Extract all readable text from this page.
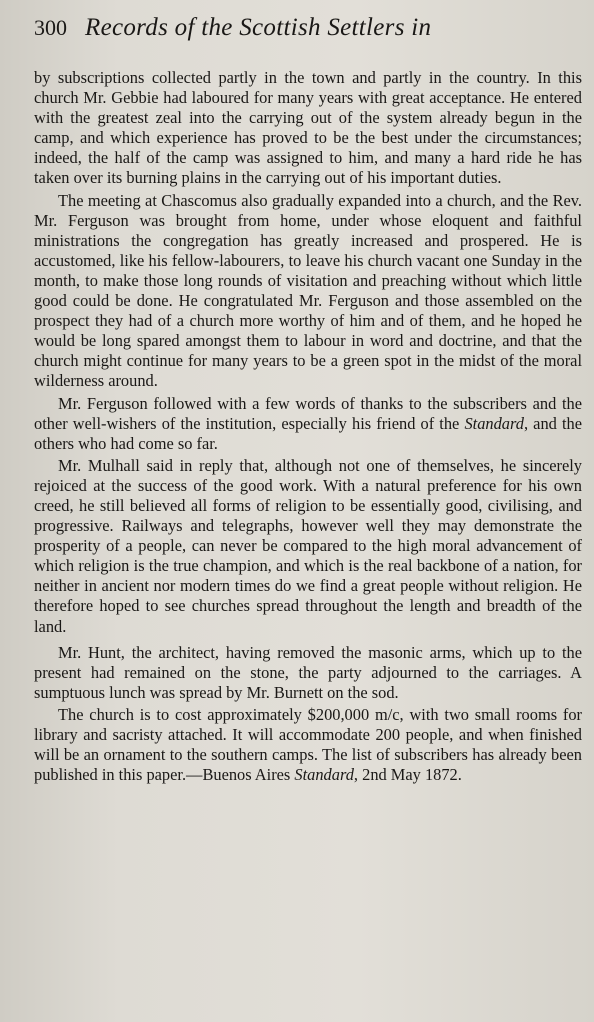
300 Records of the Scottish Settlers in

by subscriptions collected partly in the town and partly in the country. In this church Mr. Gebbie had laboured for many years with great acceptance. He entered with the greatest zeal into the carrying out of the system already begun in the camp, and which experience has proved to be the best under the circumstances; indeed, the half of the camp was assigned to him, and many a hard ride he has taken over its burning plains in the carrying out of his important duties.

The meeting at Chascomus also gradually expanded into a church, and the Rev. Mr. Ferguson was brought from home, under whose eloquent and faithful ministrations the congregation has greatly increased and prospered. He is accustomed, like his fellow-labourers, to leave his church vacant one Sunday in the month, to make those long rounds of visitation and preaching without which little good could be done. He congratulated Mr. Ferguson and those assembled on the prospect they had of a church more worthy of him and of them, and he hoped he would be long spared amongst them to labour in word and doctrine, and that the church might continue for many years to be a green spot in the midst of the moral wilderness around.

Mr. Ferguson followed with a few words of thanks to the subscribers and the other well-wishers of the institution, especially his friend of the Standard, and the others who had come so far.

Mr. Mulhall said in reply that, although not one of themselves, he sincerely rejoiced at the success of the good work. With a natural preference for his own creed, he still believed all forms of religion to be essentially good, civilising, and progressive. Railways and telegraphs, however well they may demonstrate the prosperity of a people, can never be compared to the high moral advancement of which religion is the true champion, and which is the real backbone of a nation, for neither in ancient nor modern times do we find a great people without religion. He therefore hoped to see churches spread throughout the length and breadth of the land.

Mr. Hunt, the architect, having removed the masonic arms, which up to the present had remained on the stone, the party adjourned to the carriages. A sumptuous lunch was spread by Mr. Burnett on the sod.

The church is to cost approximately $200,000 m/c, with two small rooms for library and sacristy attached. It will accommodate 200 people, and when finished will be an ornament to the southern camps. The list of subscribers has already been published in this paper.—Buenos Aires Standard, 2nd May 1872.
